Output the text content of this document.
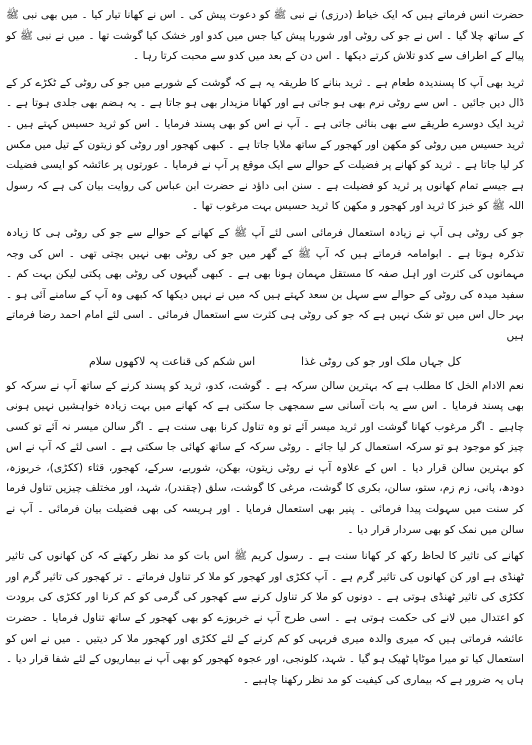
حضرت انس فرماتے ہیں کہ ایک خیاط (درزی) نے نبی ﷺ کو دعوت پیش کی ۔ اس نے کھانا تیار کیا ۔ میں بھی نبی ﷺ کے ساتھ چلا گیا ۔ اس نے جو کی روٹی اور شوربا پیش کیا جس میں کدو اور خشک کیا گوشت تھا ۔ میں نے نبی ﷺ کو پیالے کے اطراف سے کدو تلاش کرتے دیکھا ۔ اس دن کے بعد میں کدو سے محبت کرتا رہا ۔

ثرید بھی آپ کا پسندیدہ طعام ہے ۔ ثرید بنانے کا طریقہ یہ ہے کہ گوشت کے شوربے میں جو کی روٹی کے ٹکڑے کر کے ڈال دیں جائیں ۔ اس سے روٹی نرم بھی ہو جاتی ہے اور کھانا مزیدار بھی ہو جاتا ہے ۔ یہ ہضم بھی جلدی ہوتا ہے ۔ ثرید ایک دوسرے طریقے سے بھی بنائی جاتی ہے ۔ آپ نے اس کو بھی پسند فرمایا ۔ اس کو ثرید حسیس کہتے ہیں ۔ ثرید حسیس میں روٹی کو مکھن اور کھجور کے ساتھ ملایا جاتا ہے ۔ کبھی کھجور اور روٹی کو زیتون کے تیل میں مکس کر لیا جاتا ہے ۔ ثرید کو کھانے پر فضیلت کے حوالے سے ایک موقع پر آپ نے فرمایا ۔ عورتوں پر عائشہ کو ایسی فضیلت ہے جیسے تمام کھانوں پر ثرید کو فضیلت ہے ۔ سنن ابی داؤد نے حضرت ابن عباس کی روایت بیان کی ہے کہ رسول اللہ ﷺ کو خبز کا ثرید اور کھجور و مکھن کا ثرید حسیس بہت مرغوب تھا ۔

جو کی روٹی ہی آپ نے زیادہ استعمال فرمائی اسی لئے آپ ﷺ کے کھانے کے حوالے سے جو کی روٹی ہی کا زیادہ تذکرہ ہوتا ہے ۔ ابوامامہ فرماتے ہیں کہ آپ ﷺ کے گھر میں جو کی روٹی بھی نہیں بچتی تھی ۔ اس کی وجہ مہمانوں کی کثرت اور اہل صفہ کا مستقل مہمان ہونا بھی ہے ۔ کبھی گیہوں کی روٹی بھی پکتی لیکن بہت کم ۔ سفید میدہ کی روٹی کے حوالے سے سہل بن سعد کہتے ہیں کہ میں نے نہیں دیکھا کہ کبھی وہ آپ کے سامنے آئی ہو ۔ بہر حال اس میں تو شک نہیں ہے کہ جو کی روٹی ہی کثرت سے استعمال فرمائی ۔ اسی لئے امام احمد رضا فرماتے ہیں

کل جہاں ملک اور جو کی روٹی غذا
اس شکم کی قناعت پہ لاکھوں سلام

نعم الادام الخل کا مطلب ہے کہ بہترین سالن سرکہ ہے ۔ گوشت، کدو، ثرید کو پسند کرنے کے ساتھ آپ نے سرکہ کو بھی پسند فرمایا ۔ اس سے یہ بات آسانی سے سمجھی جا سکتی ہے کہ کھانے میں بہت زیادہ خواہشیں نہیں ہونی چاہیے ۔ اگر مرغوب کھانا گوشت اور ثرید میسر آئے تو وہ تناول کرنا بھی سنت ہے ۔ اگر سالن میسر نہ آئے تو کسی چیز کو موجود ہو تو سرکہ استعمال کر لیا جائے ۔ روٹی سرکہ کے ساتھ کھائی جا سکتی ہے ۔ اسی لئے کہ آپ نے اس کو بہترین سالن قرار دیا ۔ اس کے علاوہ آپ نے روٹی زیتون، بھکن، شوربے، سرکے، کھجور، قثاء (ککڑی)، خربوزہ، دودھ، پانی، زم زم، ستو، سالن، بکری کا گوشت، مرغی کا گوشت، سلق (چقندر)، شہد، اور مختلف چیزیں تناول فرما کر سنت میں سہولت پیدا فرمائی ۔ پنیر بھی استعمال فرمایا ۔ اور ہریسہ کی بھی فضیلت بیان فرمائی ۔ آپ نے سالن میں نمک کو بھی سردار قرار دیا ۔

کھانے کی تاثیر کا لحاظ رکھ کر کھانا سنت ہے ۔ رسول کریم ﷺ اس بات کو مد نظر رکھتے کہ کن کھانوں کی تاثیر ٹھنڈی ہے اور کن کھانوں کی تاثیر گرم ہے ۔ آپ ککڑی اور کھجور کو ملا کر تناول فرماتے ۔ تر کھجور کی تاثیر گرم اور ککڑی کی تاثیر ٹھنڈی ہوتی ہے ۔ دونوں کو ملا کر تناول کرنے سے کھجور کی گرمی کو کم کرنا اور ککڑی کی برودت کو اعتدال میں لانے کی حکمت ہوتی ہے ۔ اسی طرح آپ نے خربوزے کو بھی کھجور کے ساتھ تناول فرمایا ۔ حضرت عائشہ فرماتی ہیں کہ میری والدہ میری فربہی کو کم کرنے کے لئے ککڑی اور کھجور ملا کر دیتیں ۔ میں نے اس کو استعمال کیا تو میرا موٹاپا ٹھیک ہو گیا ۔ شہد، کلونجی، اور عجوہ کھجور کو بھی آپ نے بیماریوں کے لئے شفا قرار دیا ۔ ہاں یہ ضرور ہے کہ بیماری کی کیفیت کو مد نظر رکھنا چاہیے ۔
